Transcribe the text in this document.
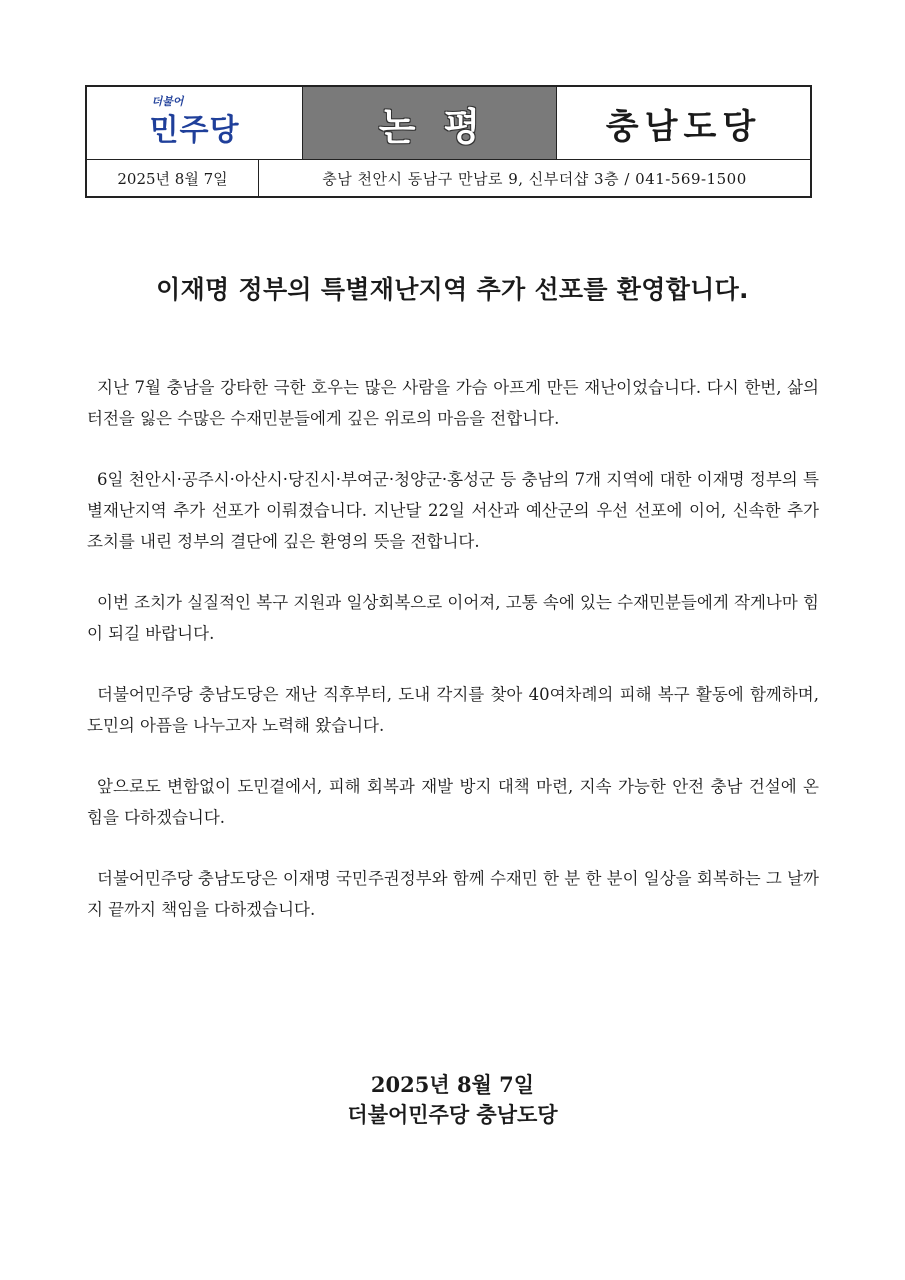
더불어
민주당	논평	충남도당
2025년 8월 7일	충남 천안시 동남구 만남로 9, 신부더샵 3층 / 041-569-1500
이재명 정부의 특별재난지역 추가 선포를 환영합니다.

지난 7월 충남을 강타한 극한 호우는 많은 사람을 가슴 아프게 만든 재난이었습니다. 다시 한번, 삶의 터전을 잃은 수많은 수재민분들에게 깊은 위로의 마음을 전합니다.

6일 천안시·공주시·아산시·당진시·부여군·청양군·홍성군 등 충남의 7개 지역에 대한 이재명 정부의 특별재난지역 추가 선포가 이뤄졌습니다. 지난달 22일 서산과 예산군의 우선 선포에 이어, 신속한 추가 조치를 내린 정부의 결단에 깊은 환영의 뜻을 전합니다.

이번 조치가 실질적인 복구 지원과 일상회복으로 이어져, 고통 속에 있는 수재민분들에게 작게나마 힘이 되길 바랍니다.

더불어민주당 충남도당은 재난 직후부터, 도내 각지를 찾아 40여차례의 피해 복구 활동에 함께하며, 도민의 아픔을 나누고자 노력해 왔습니다.

앞으로도 변함없이 도민곁에서, 피해 회복과 재발 방지 대책 마련, 지속 가능한 안전 충남 건설에 온 힘을 다하겠습니다.

더불어민주당 충남도당은 이재명 국민주권정부와 함께 수재민 한 분 한 분이 일상을 회복하는 그 날까지 끝까지 책임을 다하겠습니다.

2025년 8월 7일
더불어민주당 충남도당
